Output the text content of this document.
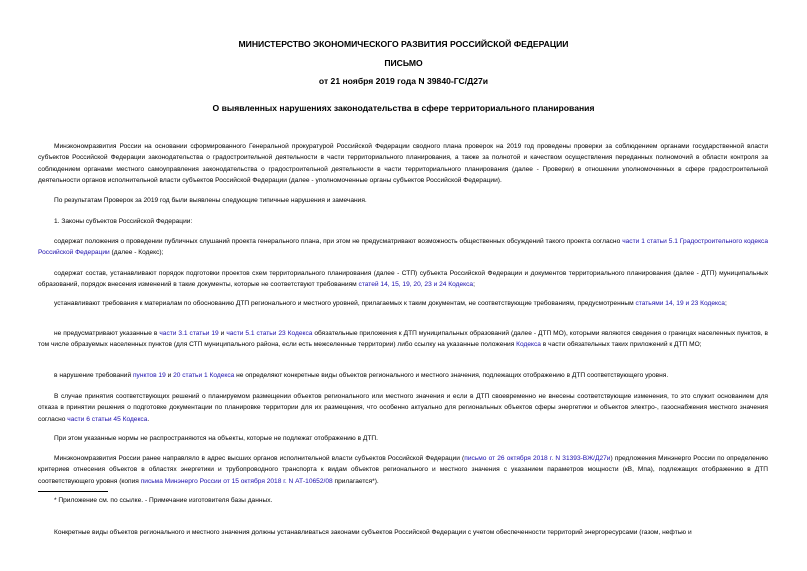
МИНИСТЕРСТВО ЭКОНОМИЧЕСКОГО РАЗВИТИЯ РОССИЙСКОЙ ФЕДЕРАЦИИ
ПИСЬМО
от 21 ноября 2019 года N 39840-ГС/Д27и
О выявленных нарушениях законодательства в сфере территориального планирования

Минэкономразвития России на основании сформированного Генеральной прокуратурой Российской Федерации сводного плана проверок на 2019 год проведены проверки за соблюдением органами государственной власти субъектов Российской Федерации законодательства о градостроительной деятельности в части территориального планирования, а также за полнотой и качеством осуществления переданных полномочий в области контроля за соблюдением органами местного самоуправления законодательства о градостроительной деятельности в части территориального планирования (далее - Проверки) в отношении уполномоченных в сфере градостроительной деятельности органов исполнительной власти субъектов Российской Федерации (далее - уполномоченные органы субъектов Российской Федерации).

По результатам Проверок за 2019 год были выявлены следующие типичные нарушения и замечания.

1. Законы субъектов Российской Федерации:

содержат положения о проведении публичных слушаний проекта генерального плана, при этом не предусматривают возможность общественных обсуждений такого проекта согласно части 1 статьи 5.1 Градостроительного кодекса Российской Федерации (далее - Кодекс);

содержат состав, устанавливают порядок подготовки проектов схем территориального планирования (далее - СТП) субъекта Российской Федерации и документов территориального планирования (далее - ДТП) муниципальных образований, порядок внесения изменений в такие документы, которые не соответствуют требованиям статей 14, 15, 19, 20, 23 и 24 Кодекса;

устанавливают требования к материалам по обоснованию ДТП регионального и местного уровней, прилагаемых к таким документам, не соответствующие требованиям, предусмотренным статьями 14, 19 и 23 Кодекса;

не предусматривают указанные в части 3.1 статьи 19 и части 5.1 статьи 23 Кодекса обязательные приложения к ДТП муниципальных образований (далее - ДТП МО), которыми являются сведения о границах населенных пунктов, в том числе образуемых населенных пунктов (для СТП муниципального района, если есть межселенные территории) либо ссылку на указанные положения Кодекса в части обязательных таких приложений к ДТП МО;

в нарушение требований пунктов 19 и 20 статьи 1 Кодекса не определяют конкретные виды объектов регионального и местного значения, подлежащих отображению в ДТП соответствующего уровня.

В случае принятия соответствующих решений о планируемом размещении объектов регионального или местного значения и если в ДТП своевременно не внесены соответствующие изменения, то это служит основанием для отказа в принятии решения о подготовке документации по планировке территории для их размещения, что особенно актуально для региональных объектов сферы энергетики и объектов электро-, газоснабжения местного значения согласно части 6 статьи 45 Кодекса.

При этом указанные нормы не распространяются на объекты, которые не подлежат отображению в ДТП.

Минэкономразвития России ранее направляло в адрес высших органов исполнительной власти субъектов Российской Федерации (письмо от 26 октября 2018 г. N 31393-ВЖ/Д27и) предложения Минэнерго России по определению критериев отнесения объектов в областях энергетики и трубопроводного транспорта к видам объектов регионального и местного значения с указанием параметров мощности (кВ, Мпа), подлежащих отображению в ДТП соответствующего уровня (копия письма Минэнерго России от 15 октября 2018 г. N АТ-10652/08 прилагается*).

* Приложение см. по ссылке. - Примечание изготовителя базы данных.

Конкретные виды объектов регионального и местного значения должны устанавливаться законами субъектов Российской Федерации с учетом обеспеченности территорий энергоресурсами (газом, нефтью и
